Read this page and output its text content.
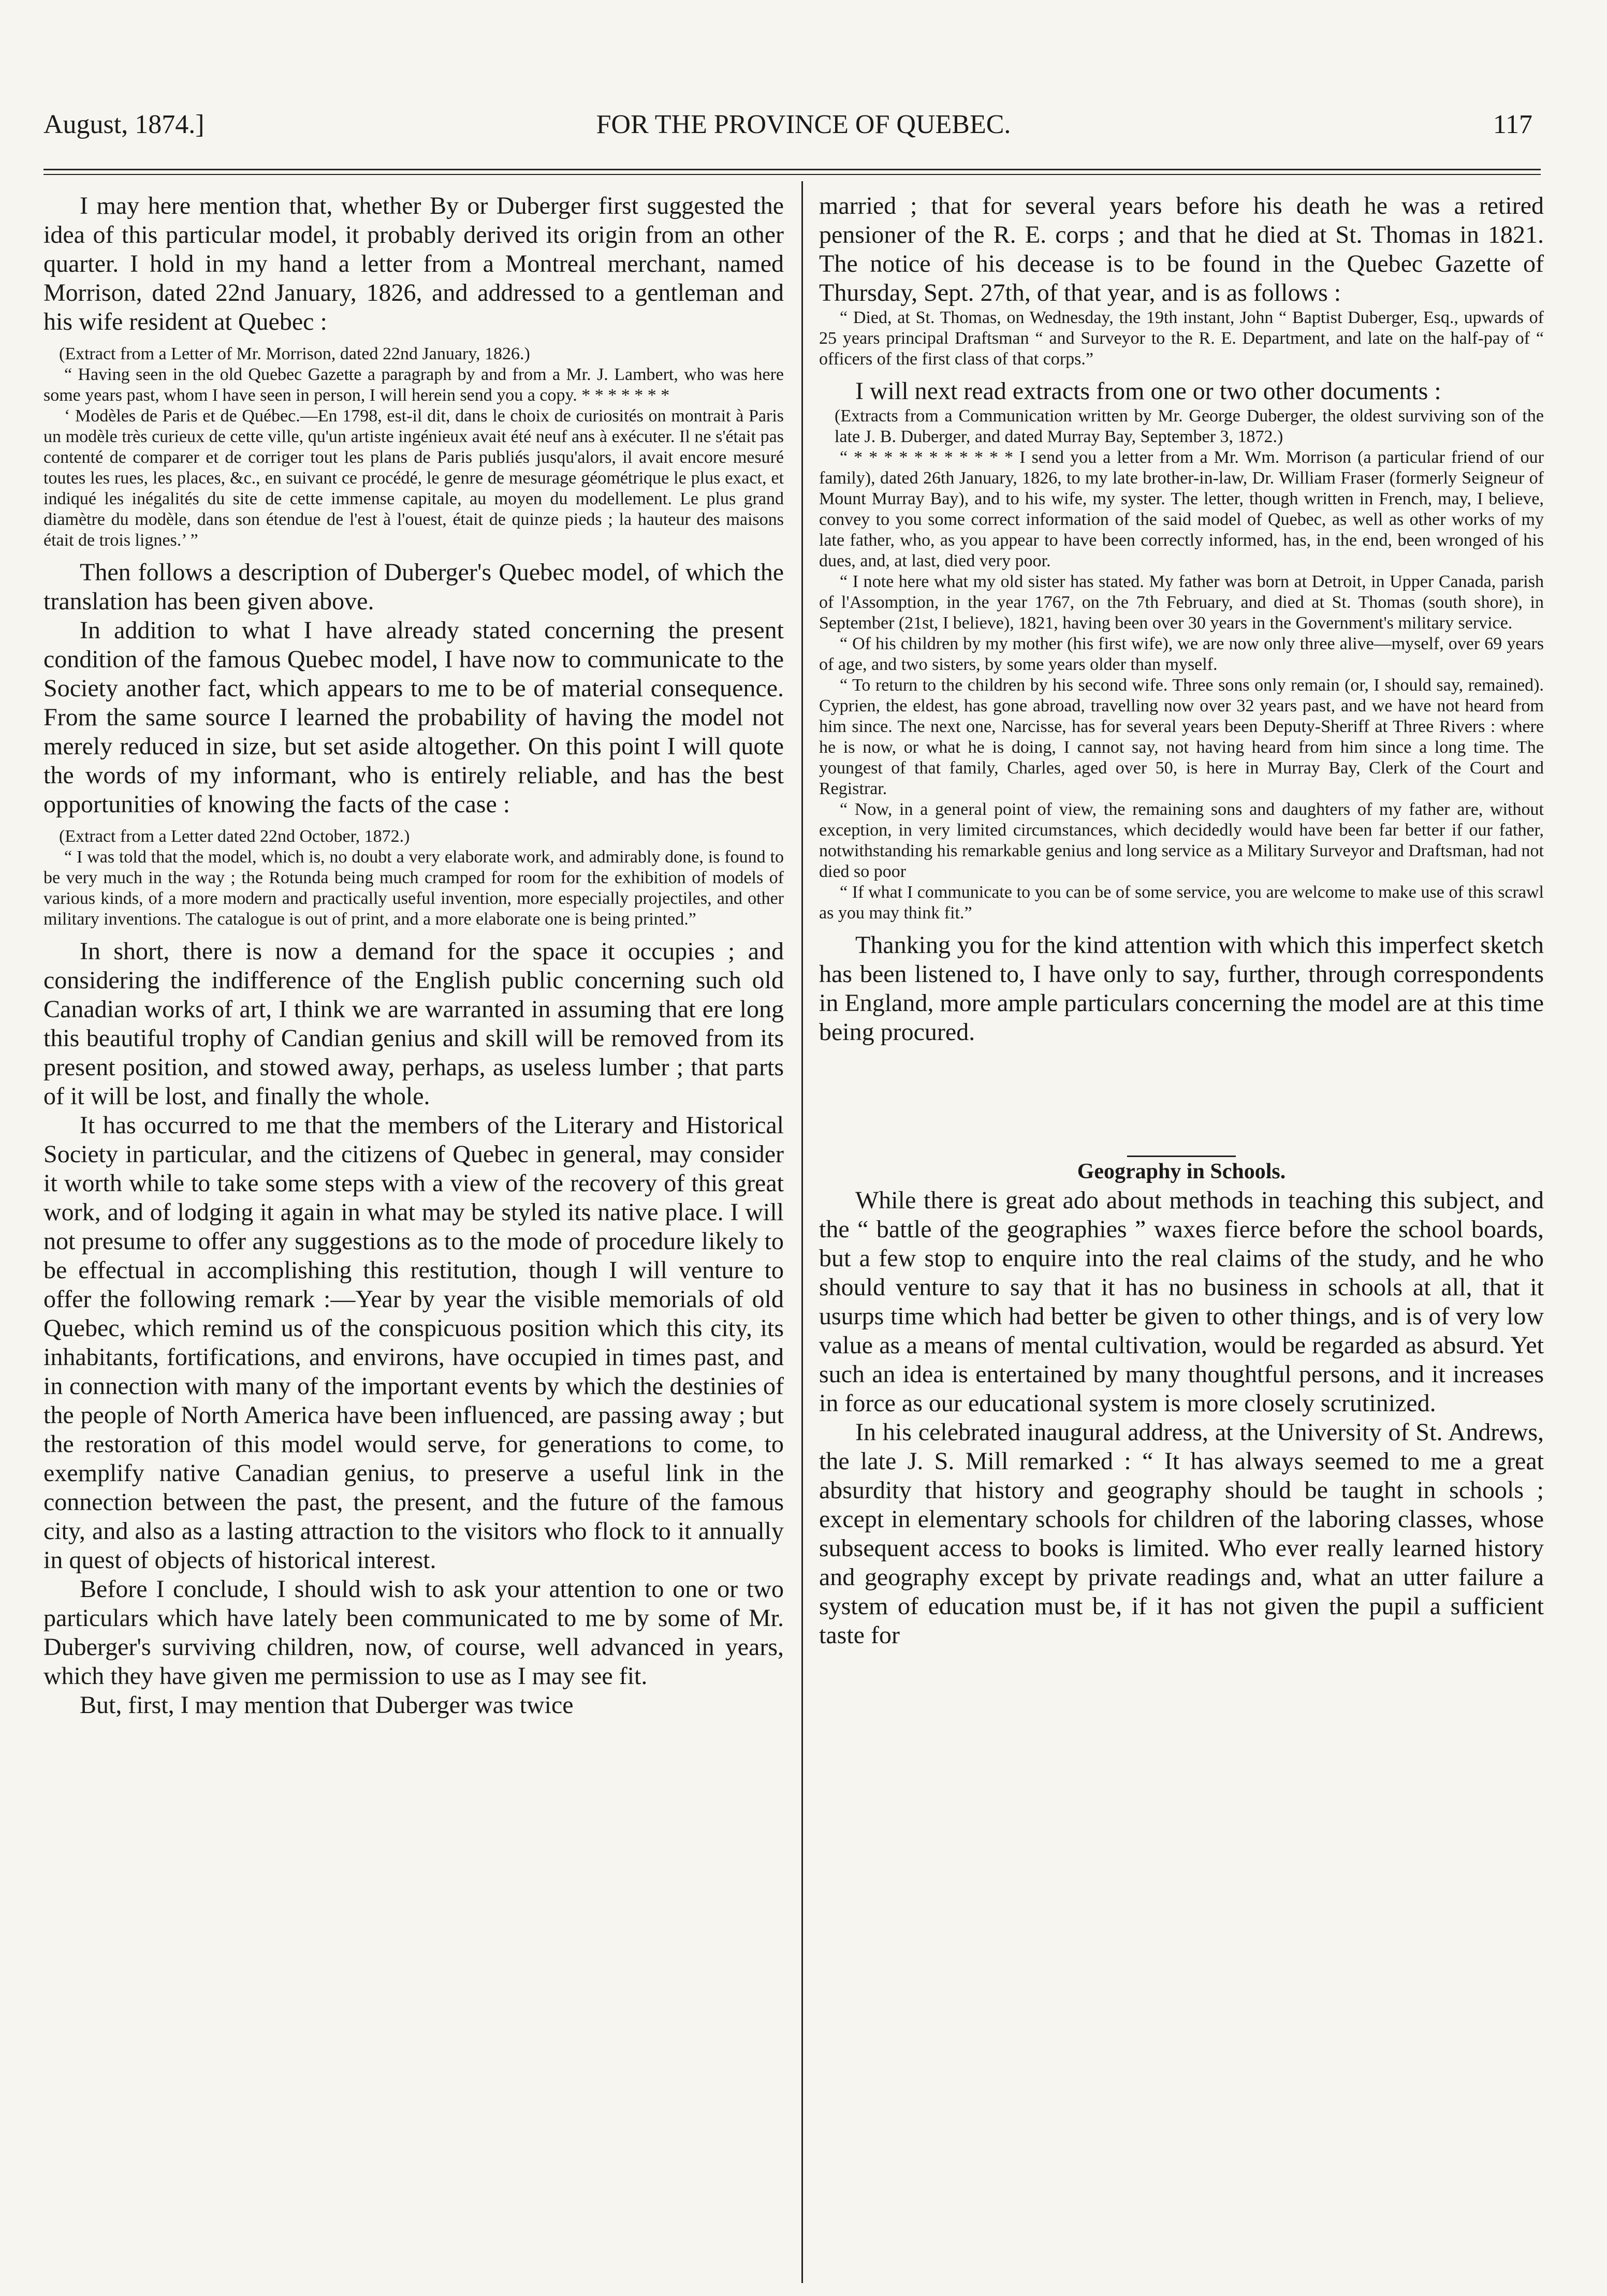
August, 1874.]	FOR THE PROVINCE OF QUEBEC.	117

I may here mention that, whether By or Duberger first suggested the idea of this particular model, it probably derived its origin from an other quarter. I hold in my hand a letter from a Montreal merchant, named Morrison, dated 22nd January, 1826, and addressed to a gentleman and his wife resident at Quebec :

(Extract from a Letter of Mr. Morrison, dated 22nd January, 1826.)

“ Having seen in the old Quebec Gazette a paragraph by and from a Mr. J. Lambert, who was here some years past, whom I have seen in person, I will herein send you a copy. * * * * * * *

‘ Modèles de Paris et de Québec.—En 1798, est-il dit, dans le choix de curiosités on montrait à Paris un modèle très curieux de cette ville, qu'un artiste ingénieux avait été neuf ans à exécuter. Il ne s'était pas contenté de comparer et de corriger tout les plans de Paris publiés jusqu'alors, il avait encore mesuré toutes les rues, les places, &c., en suivant ce procédé, le genre de mesurage géométrique le plus exact, et indiqué les inégalités du site de cette immense capitale, au moyen du modellement. Le plus grand diamètre du modèle, dans son étendue de l'est à l'ouest, était de quinze pieds ; la hauteur des maisons était de trois lignes.’ ”

Then follows a description of Duberger's Quebec model, of which the translation has been given above.

In addition to what I have already stated concerning the present condition of the famous Quebec model, I have now to communicate to the Society another fact, which appears to me to be of material consequence. From the same source I learned the probability of having the model not merely reduced in size, but set aside altogether. On this point I will quote the words of my informant, who is entirely reliable, and has the best opportunities of knowing the facts of the case :

(Extract from a Letter dated 22nd October, 1872.)

“ I was told that the model, which is, no doubt a very elaborate work, and admirably done, is found to be very much in the way ; the Rotunda being much cramped for room for the exhibition of models of various kinds, of a more modern and practically useful invention, more especially projectiles, and other military inventions. The catalogue is out of print, and a more elaborate one is being printed.”

In short, there is now a demand for the space it occupies ; and considering the indifference of the English public concerning such old Canadian works of art, I think we are warranted in assuming that ere long this beautiful trophy of Candian genius and skill will be removed from its present position, and stowed away, perhaps, as useless lumber ; that parts of it will be lost, and finally the whole.

It has occurred to me that the members of the Literary and Historical Society in particular, and the citizens of Quebec in general, may consider it worth while to take some steps with a view of the recovery of this great work, and of lodging it again in what may be styled its native place. I will not presume to offer any suggestions as to the mode of procedure likely to be effectual in accomplishing this restitution, though I will venture to offer the following remark :—Year by year the visible memorials of old Quebec, which remind us of the conspicuous position which this city, its inhabitants, fortifications, and environs, have occupied in times past, and in connection with many of the important events by which the destinies of the people of North America have been influenced, are passing away ; but the restoration of this model would serve, for generations to come, to exemplify native Canadian genius, to preserve a useful link in the connection between the past, the present, and the future of the famous city, and also as a lasting attraction to the visitors who flock to it annually in quest of objects of historical interest.

Before I conclude, I should wish to ask your attention to one or two particulars which have lately been communicated to me by some of Mr. Duberger's surviving children, now, of course, well advanced in years, which they have given me permission to use as I may see fit.

But, first, I may mention that Duberger was twice

married ; that for several years before his death he was a retired pensioner of the R. E. corps ; and that he died at St. Thomas in 1821. The notice of his decease is to be found in the Quebec Gazette of Thursday, Sept. 27th, of that year, and is as follows :

“ Died, at St. Thomas, on Wednesday, the 19th instant, John “ Baptist Duberger, Esq., upwards of 25 years principal Draftsman “ and Surveyor to the R. E. Department, and late on the half-pay of “ officers of the first class of that corps.”

I will next read extracts from one or two other documents :

(Extracts from a Communication written by Mr. George Duberger, the oldest surviving son of the late J. B. Duberger, and dated Murray Bay, September 3, 1872.)

“ * * * * * * * * * * * I send you a letter from a Mr. Wm. Morrison (a particular friend of our family), dated 26th January, 1826, to my late brother-in-law, Dr. William Fraser (formerly Seigneur of Mount Murray Bay), and to his wife, my syster. The letter, though written in French, may, I believe, convey to you some correct information of the said model of Quebec, as well as other works of my late father, who, as you appear to have been correctly informed, has, in the end, been wronged of his dues, and, at last, died very poor.

“ I note here what my old sister has stated. My father was born at Detroit, in Upper Canada, parish of l'Assomption, in the year 1767, on the 7th February, and died at St. Thomas (south shore), in September (21st, I believe), 1821, having been over 30 years in the Government's military service.

“ Of his children by my mother (his first wife), we are now only three alive—myself, over 69 years of age, and two sisters, by some years older than myself.

“ To return to the children by his second wife. Three sons only remain (or, I should say, remained). Cyprien, the eldest, has gone abroad, travelling now over 32 years past, and we have not heard from him since. The next one, Narcisse, has for several years been Deputy-Sheriff at Three Rivers : where he is now, or what he is doing, I cannot say, not having heard from him since a long time. The youngest of that family, Charles, aged over 50, is here in Murray Bay, Clerk of the Court and Registrar.

“ Now, in a general point of view, the remaining sons and daughters of my father are, without exception, in very limited circumstances, which decidedly would have been far better if our father, notwithstanding his remarkable genius and long service as a Military Surveyor and Draftsman, had not died so poor

“ If what I communicate to you can be of some service, you are welcome to make use of this scrawl as you may think fit.”

Thanking you for the kind attention with which this imperfect sketch has been listened to, I have only to say, further, through correspondents in England, more ample particulars concerning the model are at this time being procured.

Geography in Schools.

While there is great ado about methods in teaching this subject, and the “ battle of the geographies ” waxes fierce before the school boards, but a few stop to enquire into the real claims of the study, and he who should venture to say that it has no business in schools at all, that it usurps time which had better be given to other things, and is of very low value as a means of mental cultivation, would be regarded as absurd. Yet such an idea is entertained by many thoughtful persons, and it increases in force as our educational system is more closely scrutinized.

In his celebrated inaugural address, at the University of St. Andrews, the late J. S. Mill remarked : “ It has always seemed to me a great absurdity that history and geography should be taught in schools ; except in elementary schools for children of the laboring classes, whose subsequent access to books is limited. Who ever really learned history and geography except by private readings and, what an utter failure a system of education must be, if it has not given the pupil a sufficient taste for
